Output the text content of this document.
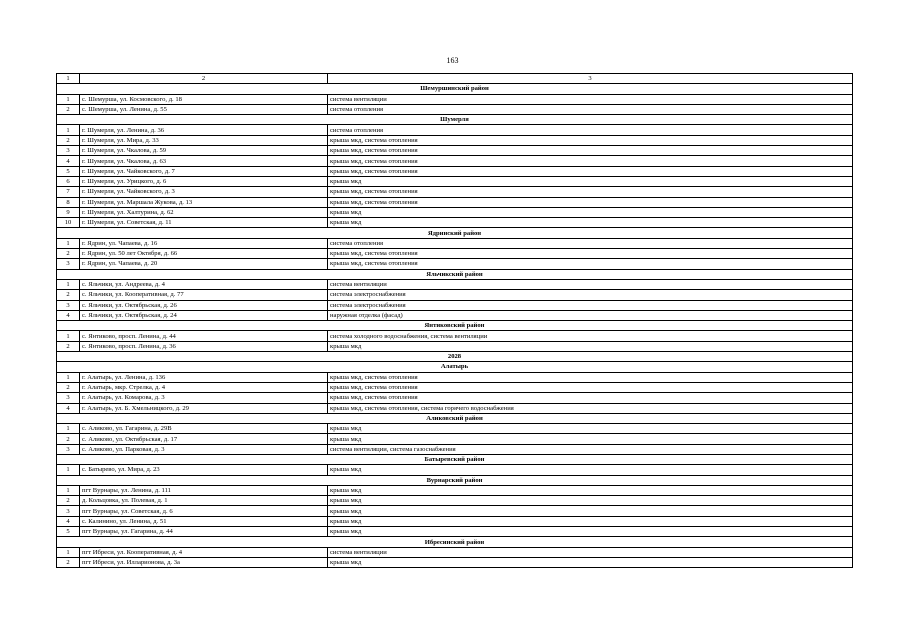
163
1	2	3
Шемуршинский район		
1	с. Шемурша, ул. Космовского, д. 18	система вентиляции
2	с. Шемурша, ул. Ленина, д. 55	система отопления
Шумерля		
1	г. Шумерля, ул. Ленина, д. 36	система отопления
2	г. Шумерля, ул. Мира, д. 33	крыша мкд, система отопления
3	г. Шумерля, ул. Чкалова, д. 59	крыша мкд, система отопления
4	г. Шумерля, ул. Чкалова, д. 63	крыша мкд, система отопления
5	г. Шумерля, ул. Чайковского, д. 7	крыша мкд, система отопления
6	г. Шумерля, ул. Урицкого, д. 6	крыша мкд
7	г. Шумерля, ул. Чайковского, д. 3	крыша мкд, система отопления
8	г. Шумерля, ул. Маршала Жукова, д. 13	крыша мкд, система отопления
9	г. Шумерля, ул. Халтурина, д. 62	крыша мкд
10	г. Шумерля, ул. Советская, д. 11	крыша мкд
Ядринский район		
1	г. Ядрин, ул. Чапаева, д. 16	система отопления
2	г. Ядрин, ул. 50 лет Октября, д. 66	крыша мкд, система отопления
3	г. Ядрин, ул. Чапаева, д. 20	крыша мкд, система отопления
Яльчикский район		
1	с. Яльчики, ул. Андреева, д. 4	система вентиляции
2	с. Яльчики, ул. Кооперативная, д. 77	система электроснабжения
3	с. Яльчики, ул. Октябрьская, д. 26	система электроснабжения
4	с. Яльчики, ул. Октябрьская, д. 24	наружная отделка (фасад)
Янтиковский район		
1	с. Янтиково, просп. Ленина, д. 44	система холодного водоснабжения, система вентиляции
2	с. Янтиково, просп. Ленина, д. 36	крыша мкд
2028		
Алатырь		
1	г. Алатырь, ул. Ленина, д. 136	крыша мкд, система отопления
2	г. Алатырь, мкр. Стрелка, д. 4	крыша мкд, система отопления
3	г. Алатырь, ул. Комарова, д. 3	крыша мкд, система отопления
4	г. Алатырь, ул. Б. Хмельницкого, д. 29	крыша мкд, система отопления, система горячего водоснабжения
Аликовский район		
1	с. Аликово, ул. Гагарина, д. 29В	крыша мкд
2	с. Аликово, ул. Октябрьская, д. 17	крыша мкд
3	с. Аликово, ул. Парковая, д. 3	система вентиляции, система газоснабжения
Батыревский район		
1	с. Батырево, ул. Мира, д. 23	крыша мкд
Вурнарский район		
1	пгт Вурнары, ул. Ленина, д. 111	крыша мкд
2	д. Кольцовка, ул. Полевая, д. 1	крыша мкд
3	пгт Вурнары, ул. Советская, д. 6	крыша мкд
4	с. Калинино, ул. Ленина, д. 51	крыша мкд
5	пгт Вурнары, ул. Гагарина, д. 44	крыша мкд
Ибресинский район		
1	пгт Ибреси, ул. Кооперативная, д. 4	система вентиляции
2	пгт Ибреси, ул. Илларионова, д. 3а	крыша мкд
